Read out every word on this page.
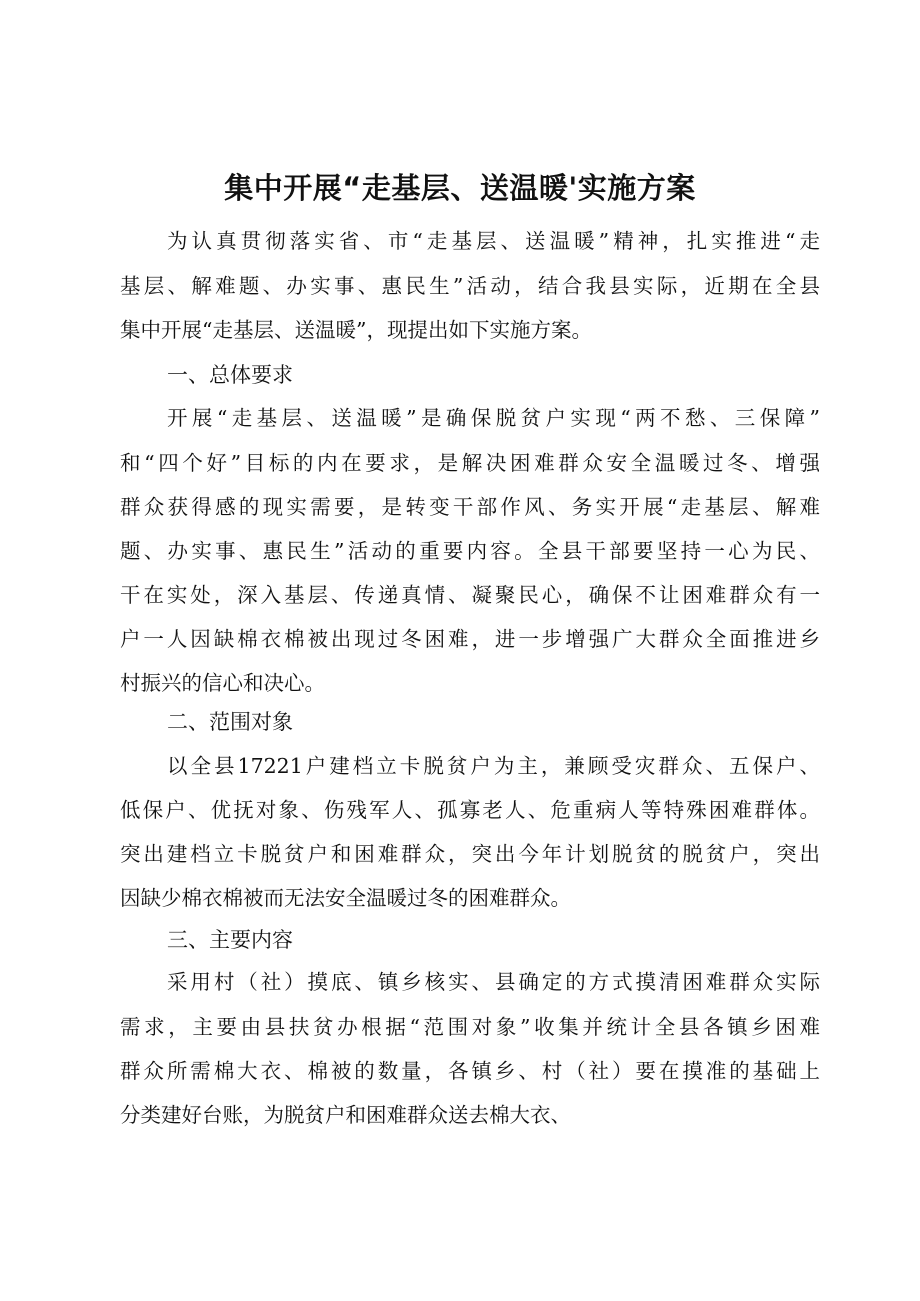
集中开展“走基层、送温暖'实施方案
为认真贯彻落实省、市“走基层、送温暖”精神，扎实推进“走
基层、解难题、办实事、惠民生”活动，结合我县实际，近期在全县
集中开展“走基层、送温暖”，现提出如下实施方案。
一、总体要求
开展“走基层、送温暖”是确保脱贫户实现“两不愁、三保障”
和“四个好”目标的内在要求，是解决困难群众安全温暖过冬、增强
群众获得感的现实需要，是转变干部作风、务实开展“走基层、解难
题、办实事、惠民生”活动的重要内容。全县干部要坚持一心为民、
干在实处，深入基层、传递真情、凝聚民心，确保不让困难群众有一
户一人因缺棉衣棉被出现过冬困难，进一步增强广大群众全面推进乡
村振兴的信心和决心。
二、范围对象
以全县17221户建档立卡脱贫户为主，兼顾受灾群众、五保户、
低保户、优抚对象、伤残军人、孤寡老人、危重病人等特殊困难群体。
突出建档立卡脱贫户和困难群众，突出今年计划脱贫的脱贫户，突出
因缺少棉衣棉被而无法安全温暖过冬的困难群众。
三、主要内容
采用村（社）摸底、镇乡核实、县确定的方式摸清困难群众实际
需求，主要由县扶贫办根据“范围对象”收集并统计全县各镇乡困难
群众所需棉大衣、棉被的数量，各镇乡、村（社）要在摸准的基础上
分类建好台账，为脱贫户和困难群众送去棉大衣、
